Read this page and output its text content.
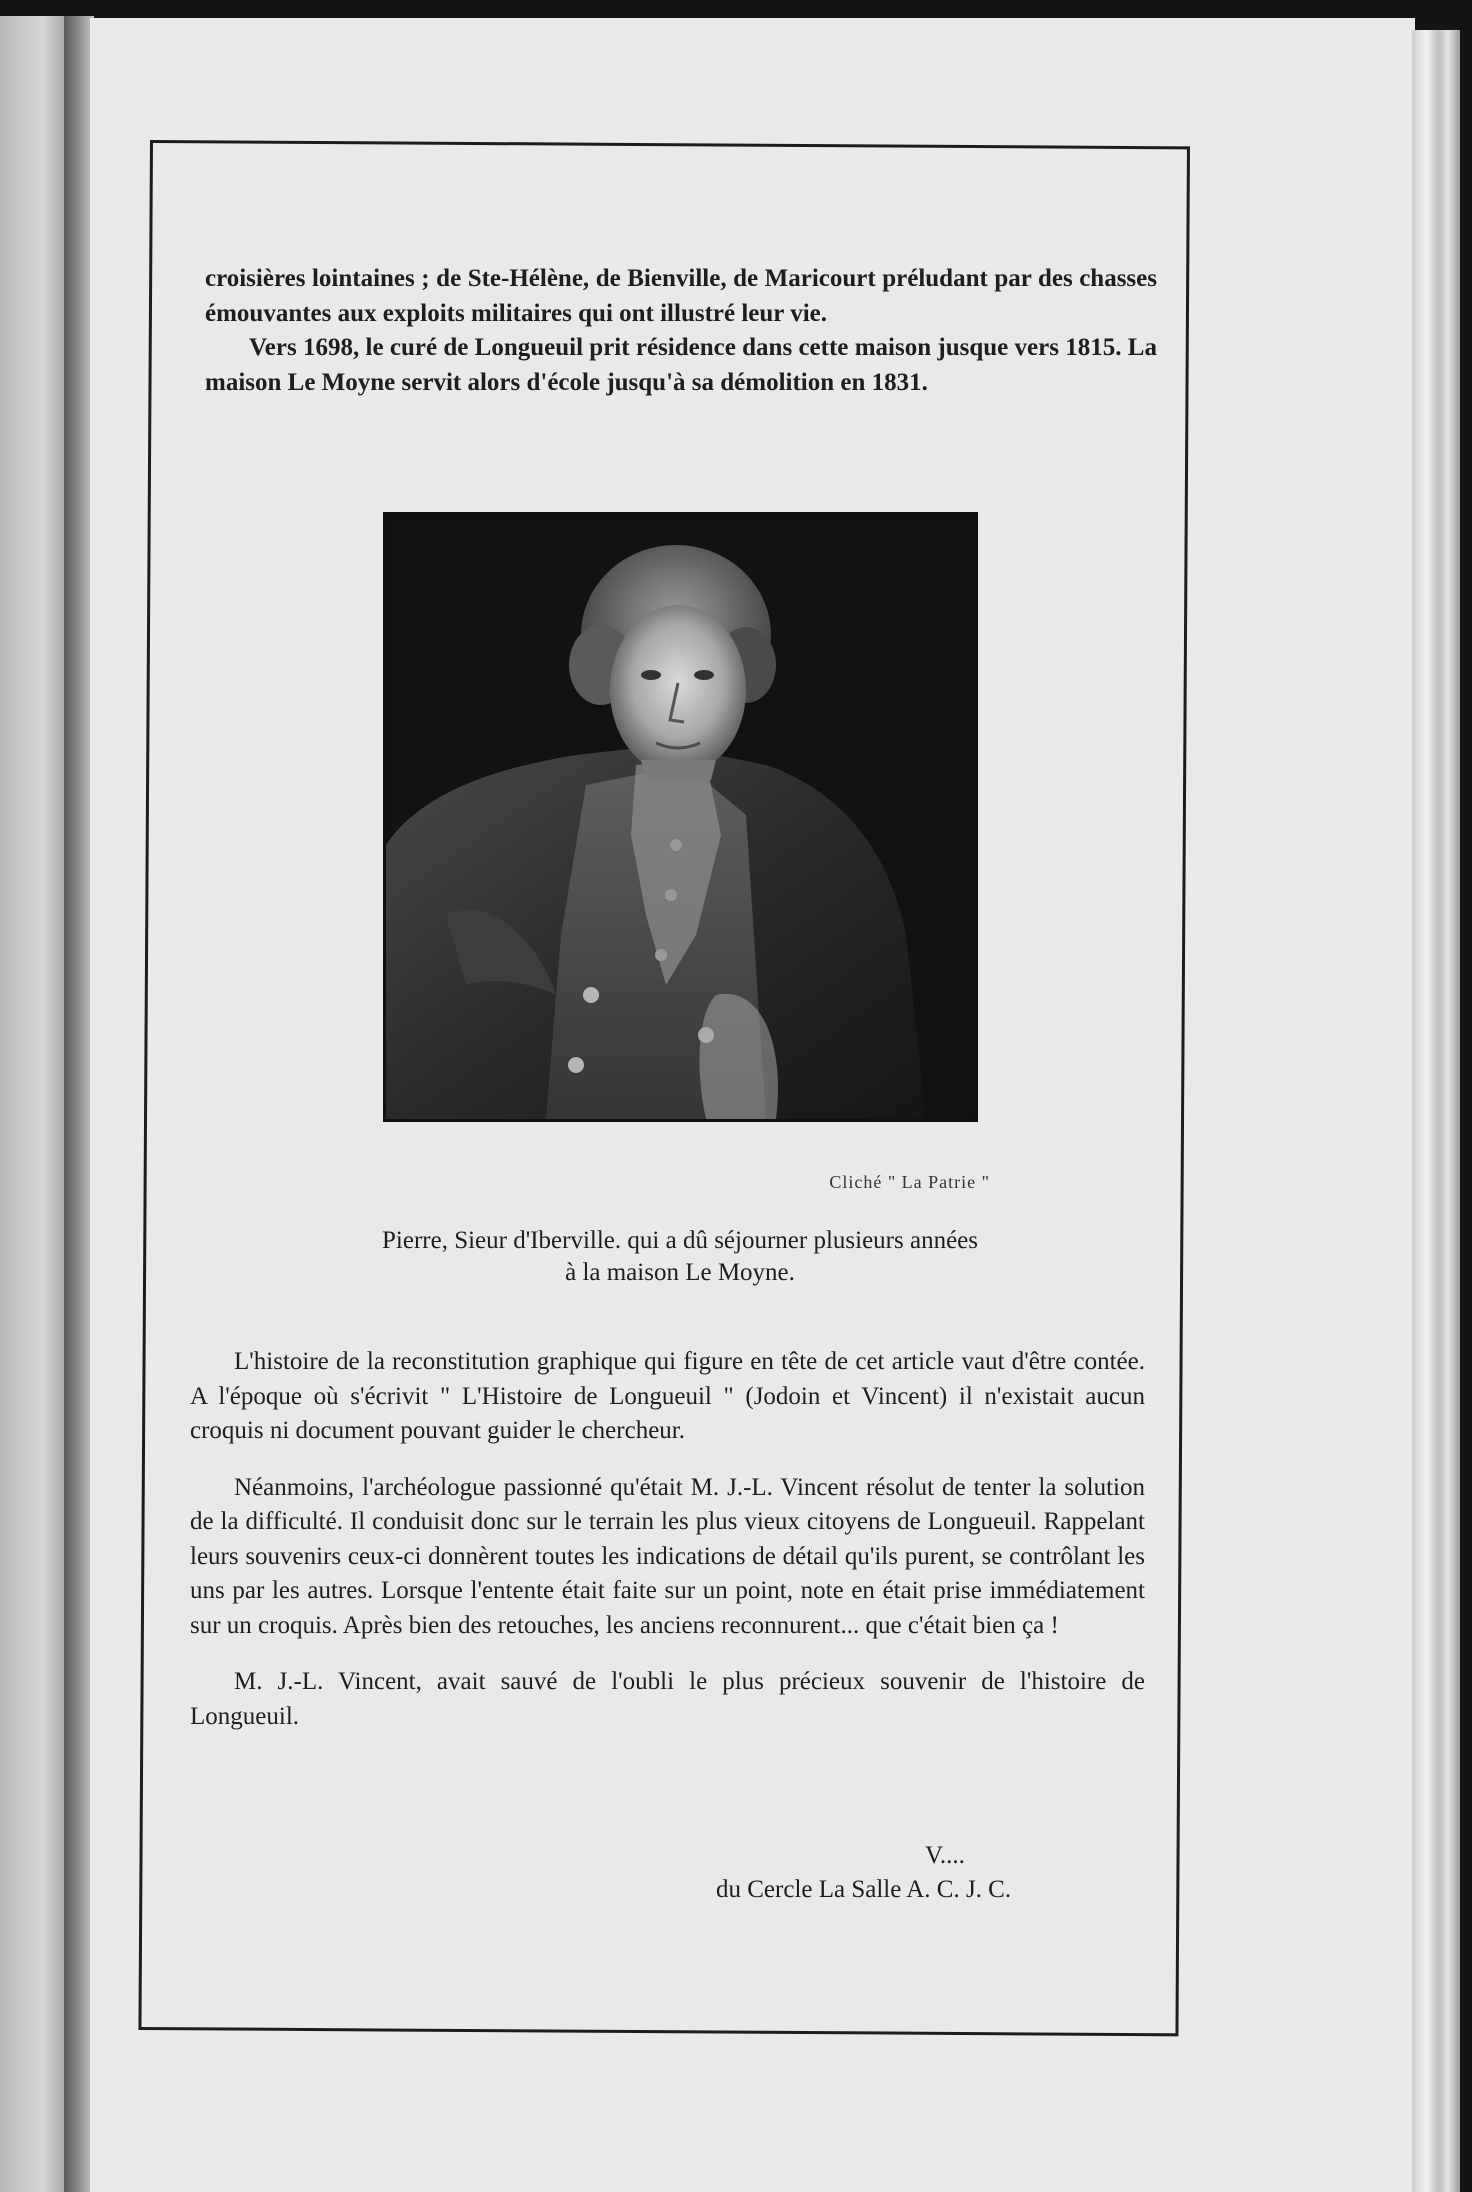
croisières lointaines ; de Ste-Hélène, de Bienville, de Maricourt préludant par des chasses émouvantes aux exploits militaires qui ont illustré leur vie.

Vers 1698, le curé de Longueuil prit résidence dans cette maison jusque vers 1815. La maison Le Moyne servit alors d'école jusqu'à sa démolition en 1831.

Cliché " La Patrie "
Pierre, Sieur d'Iberville. qui a dû séjourner plusieurs années
à la maison Le Moyne.

L'histoire de la reconstitution graphique qui figure en tête de cet article vaut d'être contée. A l'époque où s'écrivit " L'Histoire de Longueuil " (Jodoin et Vincent) il n'existait aucun croquis ni document pouvant guider le chercheur.

Néanmoins, l'archéologue passionné qu'était M. J.-L. Vincent résolut de tenter la solution de la difficulté. Il conduisit donc sur le terrain les plus vieux citoyens de Longueuil. Rappelant leurs souvenirs ceux-ci donnèrent toutes les indications de détail qu'ils purent, se contrôlant les uns par les autres. Lorsque l'entente était faite sur un point, note en était prise immédiatement sur un croquis. Après bien des retouches, les anciens reconnurent... que c'était bien ça !

M. J.-L. Vincent, avait sauvé de l'oubli le plus précieux souvenir de l'histoire de Longueuil.

V....
du Cercle La Salle A. C. J. C.
